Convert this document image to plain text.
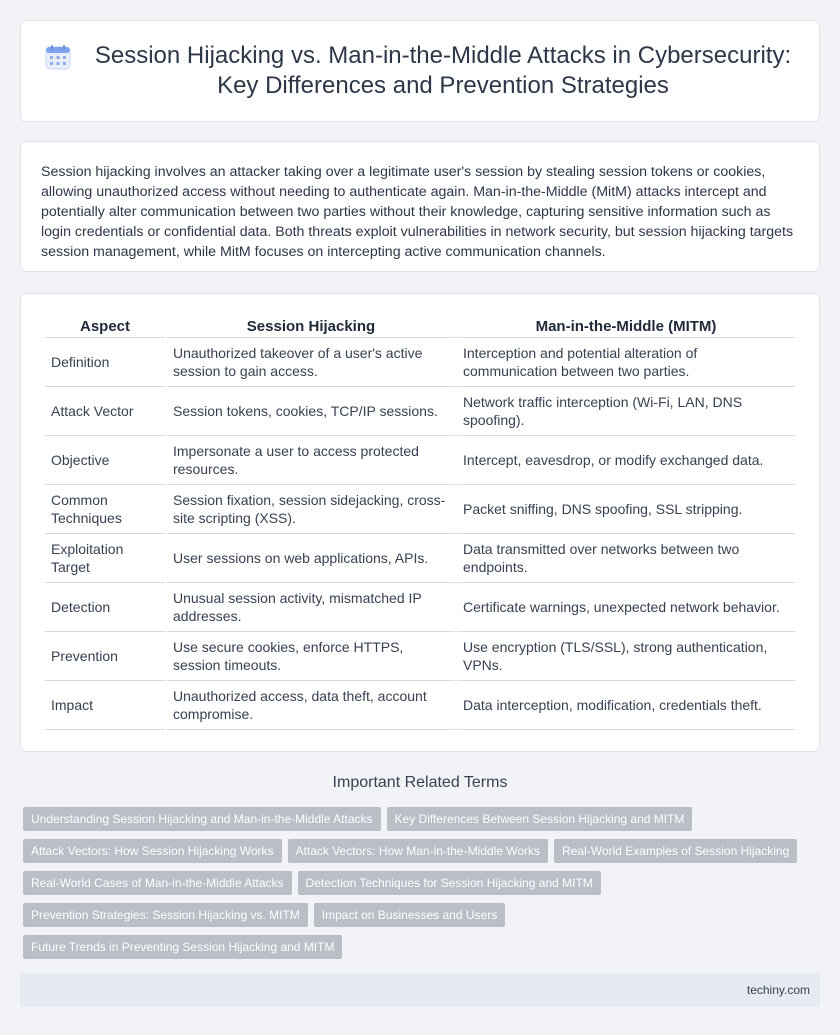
Session Hijacking vs. Man-in-the-Middle Attacks in Cybersecurity: Key Differences and Prevention Strategies

Session hijacking involves an attacker taking over a legitimate user's session by stealing session tokens or cookies, allowing unauthorized access without needing to authenticate again. Man-in-the-Middle (MitM) attacks intercept and potentially alter communication between two parties without their knowledge, capturing sensitive information such as login credentials or confidential data. Both threats exploit vulnerabilities in network security, but session hijacking targets session management, while MitM focuses on intercepting active communication channels.

Aspect	Session Hijacking	Man-in-the-Middle (MITM)
Definition	Unauthorized takeover of a user's active session to gain access.	Interception and potential alteration of communication between two parties.
Attack Vector	Session tokens, cookies, TCP/IP sessions.	Network traffic interception (Wi-Fi, LAN, DNS spoofing).
Objective	Impersonate a user to access protected resources.	Intercept, eavesdrop, or modify exchanged data.
Common Techniques	Session fixation, session sidejacking, cross-site scripting (XSS).	Packet sniffing, DNS spoofing, SSL stripping.
Exploitation Target	User sessions on web applications, APIs.	Data transmitted over networks between two endpoints.
Detection	Unusual session activity, mismatched IP addresses.	Certificate warnings, unexpected network behavior.
Prevention	Use secure cookies, enforce HTTPS, session timeouts.	Use encryption (TLS/SSL), strong authentication, VPNs.
Impact	Unauthorized access, data theft, account compromise.	Data interception, modification, credentials theft.
Important Related Terms
Understanding Session Hijacking and Man-in-the-Middle Attacks	Key Differences Between Session Hijacking and MITM
Attack Vectors: How Session Hijacking Works	Attack Vectors: How Man-in-the-Middle Works	Real-World Examples of Session Hijacking
Real-World Cases of Man-in-the-Middle Attacks	Detection Techniques for Session Hijacking and MITM
Prevention Strategies: Session Hijacking vs. MITM	Impact on Businesses and Users
Future Trends in Preventing Session Hijacking and MITM
techiny.com
